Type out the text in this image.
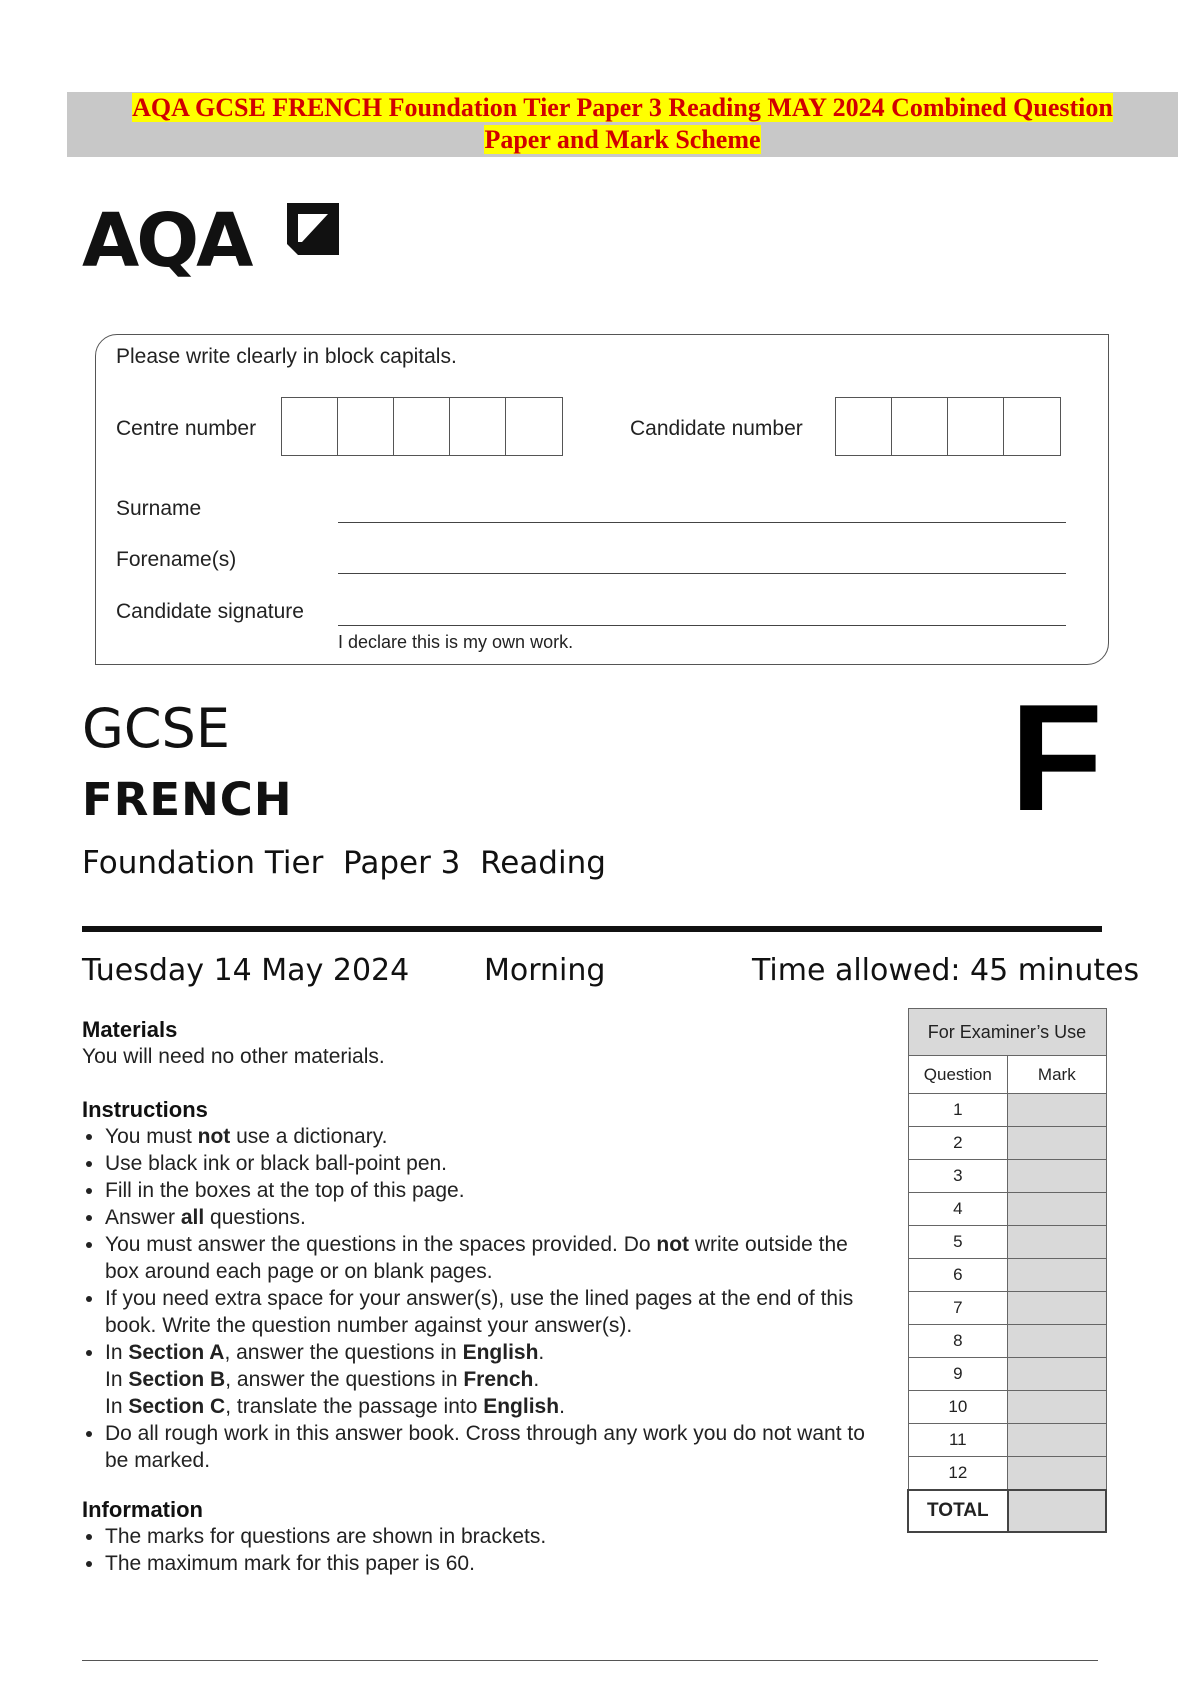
AQA GCSE FRENCH Foundation Tier Paper 3 Reading MAY 2024 Combined Question
Paper and Mark Scheme
AQA
Please write clearly in block capitals.
Centre number	Candidate number
Surname
Forename(s)
Candidate signature
I declare this is my own work.
GCSE
FRENCH
Foundation Tier  Paper 3  Reading
F
Tuesday 14 May 2024 Morning	Time allowed: 45 minutes
Materials
You will need no other materials.
Instructions
• You must not use a dictionary.
• Use black ink or black ball-point pen.
• Fill in the boxes at the top of this page.
• Answer all questions.
• You must answer the questions in the spaces provided. Do not write outside the box around each page or on blank pages.
• If you need extra space for your answer(s), use the lined pages at the end of this book. Write the question number against your answer(s).
• In Section A, answer the questions in English.
In Section B, answer the questions in French.
In Section C, translate the passage into English.
• Do all rough work in this answer book. Cross through any work you do not want to be marked.
Information
• The marks for questions are shown in brackets.
• The maximum mark for this paper is 60.
For Examiner’s Use	
Question	Mark
1	
2	
3	
4	
5	
6	
7	
8	
9	
10	
11	
12	
TOTAL	
